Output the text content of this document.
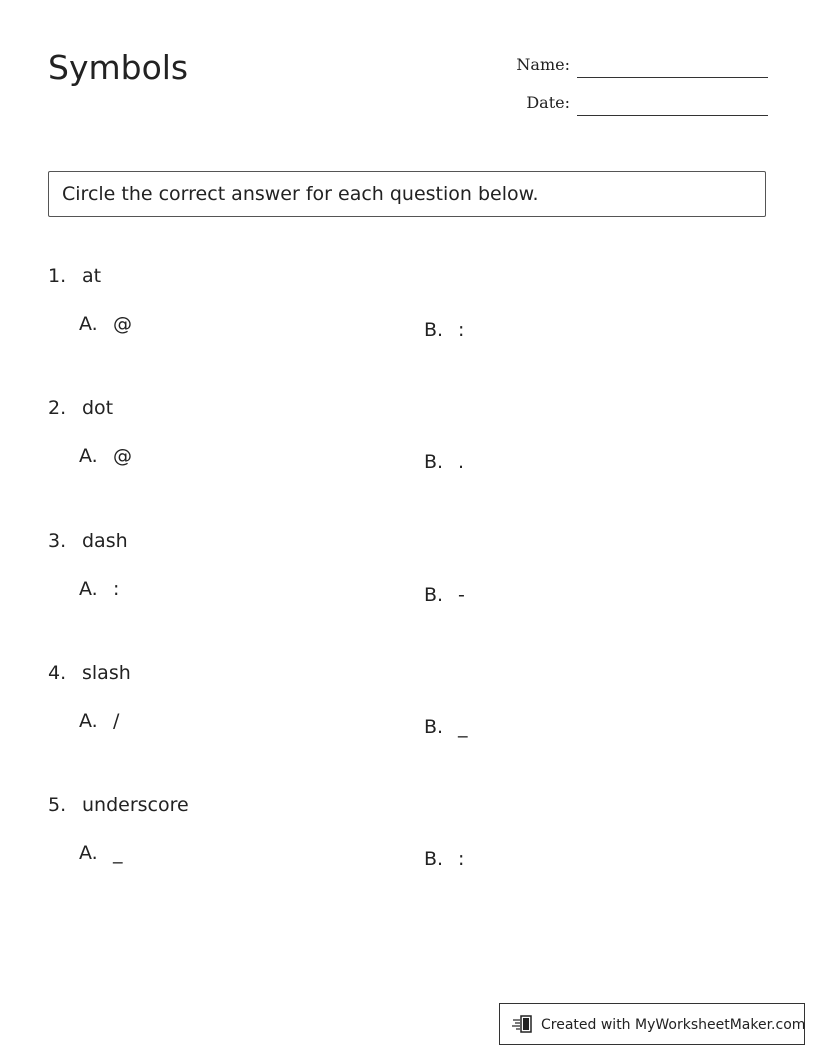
Symbols	Name:
Date:
Circle the correct answer for each question below.
1. at
A. @	B. :
2. dot
A. @	B. .
3. dash
A. :	B. -
4. slash
A. /	B. _
5. underscore
A. _	B. :
Created with MyWorksheetMaker.com
